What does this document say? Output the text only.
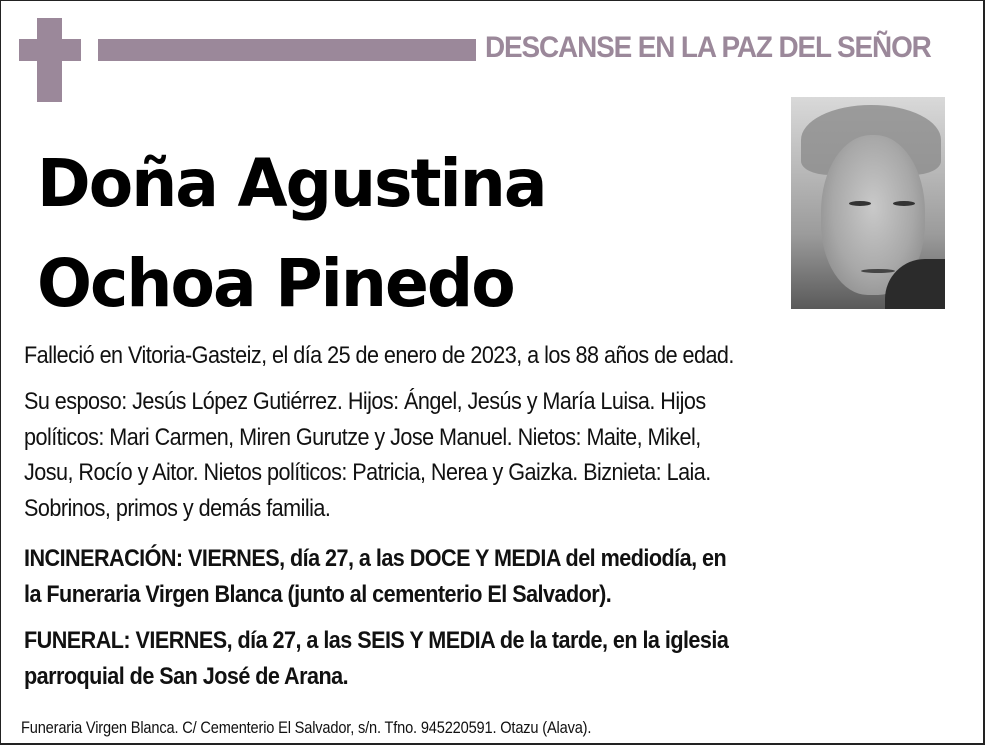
DESCANSE EN LA PAZ DEL SEÑOR
Doña Agustina
Ochoa Pinedo

Falleció en Vitoria-Gasteiz, el día 25 de enero de 2023, a los 88 años de edad.

Su esposo: Jesús López Gutiérrez. Hijos: Ángel, Jesús y María Luisa. Hijos
políticos: Mari Carmen, Miren Gurutze y Jose Manuel. Nietos: Maite, Mikel,
Josu, Rocío y Aitor. Nietos políticos: Patricia, Nerea y Gaizka. Biznieta: Laia.
Sobrinos, primos y demás familia.
INCINERACIÓN: VIERNES, día 27, a las DOCE Y MEDIA del mediodía, en
la Funeraria Virgen Blanca (junto al cementerio El Salvador).
FUNERAL: VIERNES, día 27, a las SEIS Y MEDIA de la tarde, en la iglesia
parroquial de San José de Arana.
Funeraria Virgen Blanca. C/ Cementerio El Salvador, s/n. Tfno. 945220591. Otazu (Alava).
